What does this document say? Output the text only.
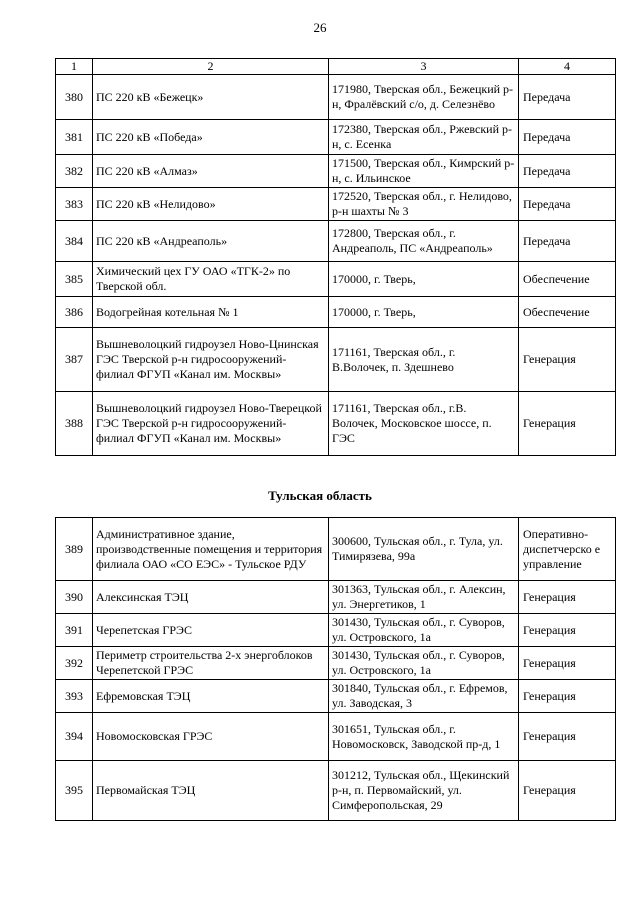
26
1	2	3	4
380	ПС 220 кВ «Бежецк»	171980, Тверская обл., Бежецкий р-н, Фралёвский с/о, д. Селезнёво	Передача
381	ПС 220 кВ «Победа»	172380, Тверская обл., Ржевский р-н, с. Есенка	Передача
382	ПС 220 кВ «Алмаз»	171500, Тверская обл., Кимрский р-н, с. Ильинское	Передача
383	ПС 220 кВ «Нелидово»	172520, Тверская обл., г. Нелидово, р-н шахты № 3	Передача
384	ПС 220 кВ «Андреаполь»	172800, Тверская обл., г. Андреаполь, ПС «Андреаполь»	Передача
385	Химический цех ГУ ОАО «ТГК-2» по Тверской обл.	170000, г. Тверь,	Обеспечение
386	Водогрейная котельная № 1	170000, г. Тверь,	Обеспечение
387	Вышневолоцкий гидроузел Ново-Цнинская ГЭС Тверской р-н гидросооружений- филиал ФГУП «Канал им. Москвы»	171161, Тверская обл., г. В.Волочек, п. Здешнево	Генерация
388	Вышневолоцкий гидроузел Ново-Тверецкой ГЭС Тверской р-н гидросооружений- филиал ФГУП «Канал им. Москвы»	171161, Тверская обл., г.В. Волочек, Московское шоссе, п. ГЭС	Генерация
Тульская область
389	Административное здание, производственные помещения и территория филиала ОАО «СО ЕЭС» - Тульское РДУ	300600, Тульская обл., г. Тула, ул. Тимирязева, 99а	Оперативно-диспетчерско е управление
390	Алексинская ТЭЦ	301363, Тульская обл., г. Алексин, ул. Энергетиков, 1	Генерация
391	Черепетская ГРЭС	301430, Тульская обл., г. Суворов, ул. Островского, 1а	Генерация
392	Периметр строительства 2-х энергоблоков Черепетской ГРЭС	301430, Тульская обл., г. Суворов, ул. Островского, 1а	Генерация
393	Ефремовская ТЭЦ	301840, Тульская обл., г. Ефремов, ул. Заводская, 3	Генерация
394	Новомосковская ГРЭС	301651, Тульская обл., г. Новомосковск, Заводской пр-д, 1	Генерация
395	Первомайская ТЭЦ	301212, Тульская обл., Щекинский р-н, п. Первомайский, ул. Симферопольская, 29	Генерация
